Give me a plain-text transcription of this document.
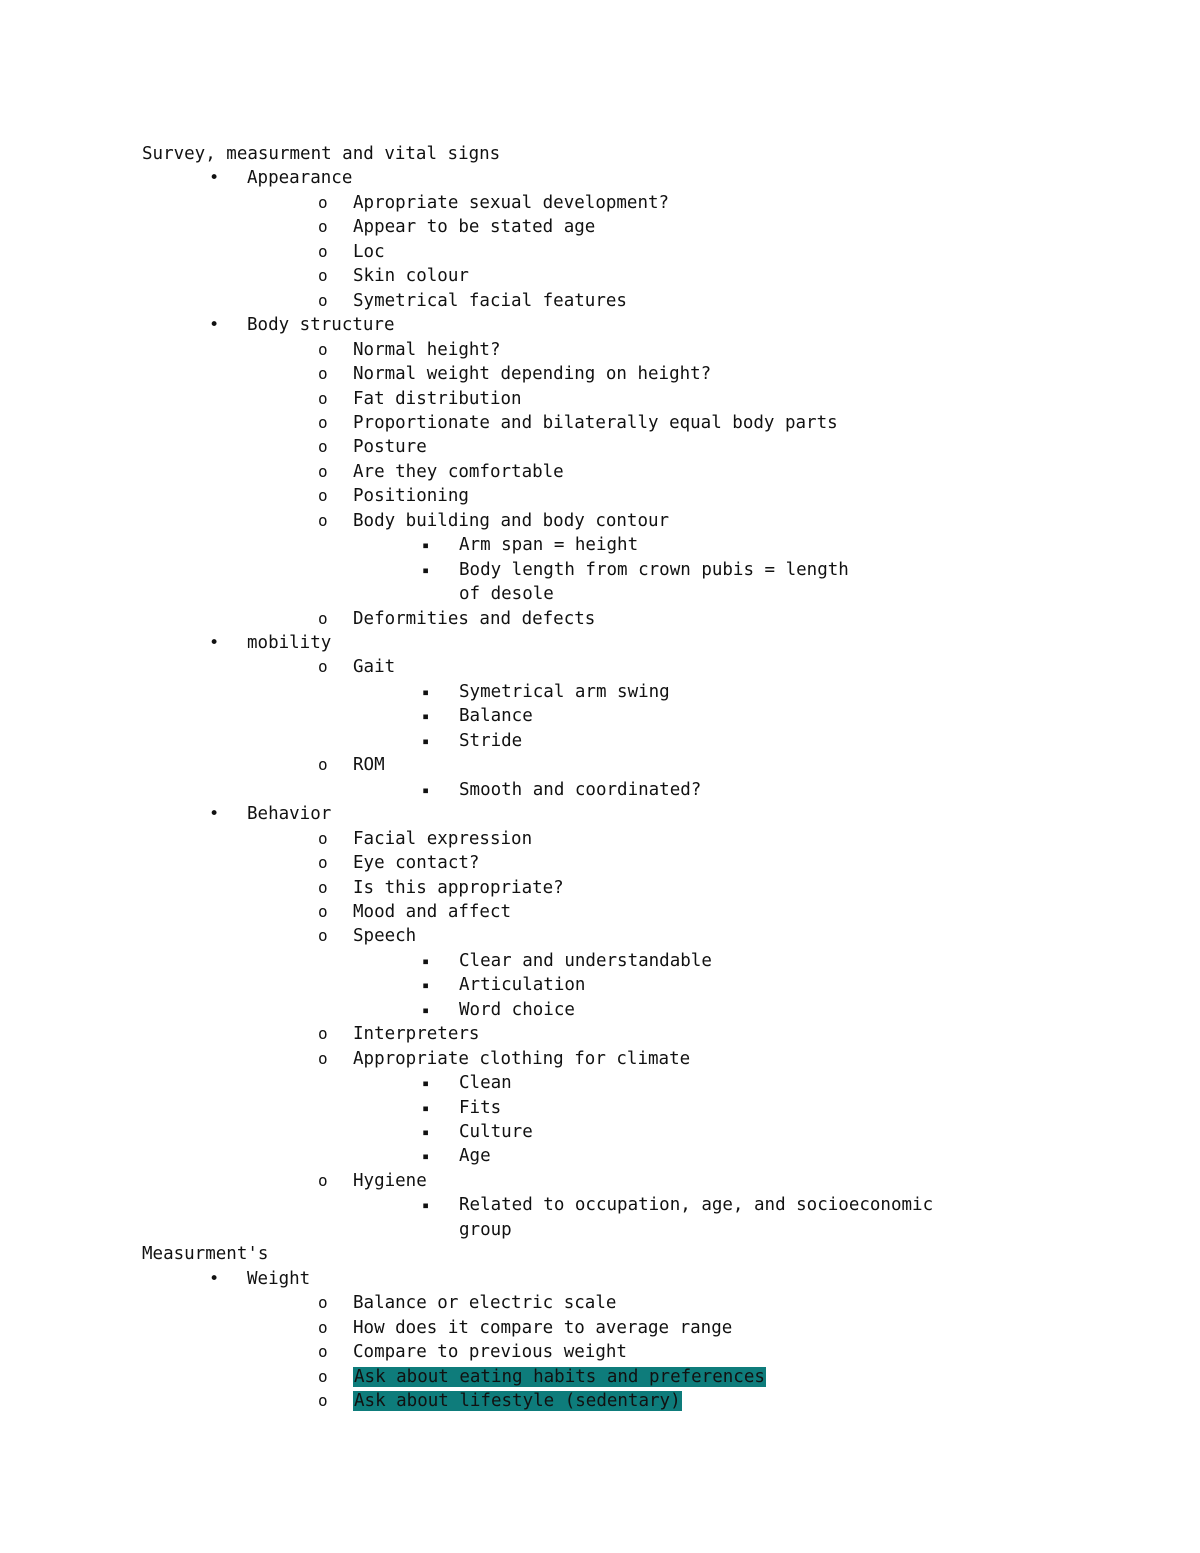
Survey, measurment and vital signs
• Appearance
o Apropriate sexual development?
o Appear to be stated age
o Loc
o Skin colour
o Symetrical facial features
• Body structure
o Normal height?
o Normal weight depending on height?
o Fat distribution
o Proportionate and bilaterally equal body parts
o Posture
o Are they comfortable
o Positioning
o Body building and body contour
▪ Arm span = height
▪ Body length from crown pubis = length
of desole
o Deformities and defects
• mobility
o Gait
▪ Symetrical arm swing
▪ Balance
▪ Stride
o ROM
▪ Smooth and coordinated?
• Behavior
o Facial expression
o Eye contact?
o Is this appropriate?
o Mood and affect
o Speech
▪ Clear and understandable
▪ Articulation
▪ Word choice
o Interpreters
o Appropriate clothing for climate
▪ Clean
▪ Fits
▪ Culture
▪ Age
o Hygiene
▪ Related to occupation, age, and socioeconomic
group
Measurment's
• Weight
o Balance or electric scale
o How does it compare to average range
o Compare to previous weight
o Ask about eating habits and preferences
o Ask about lifestyle (sedentary)
